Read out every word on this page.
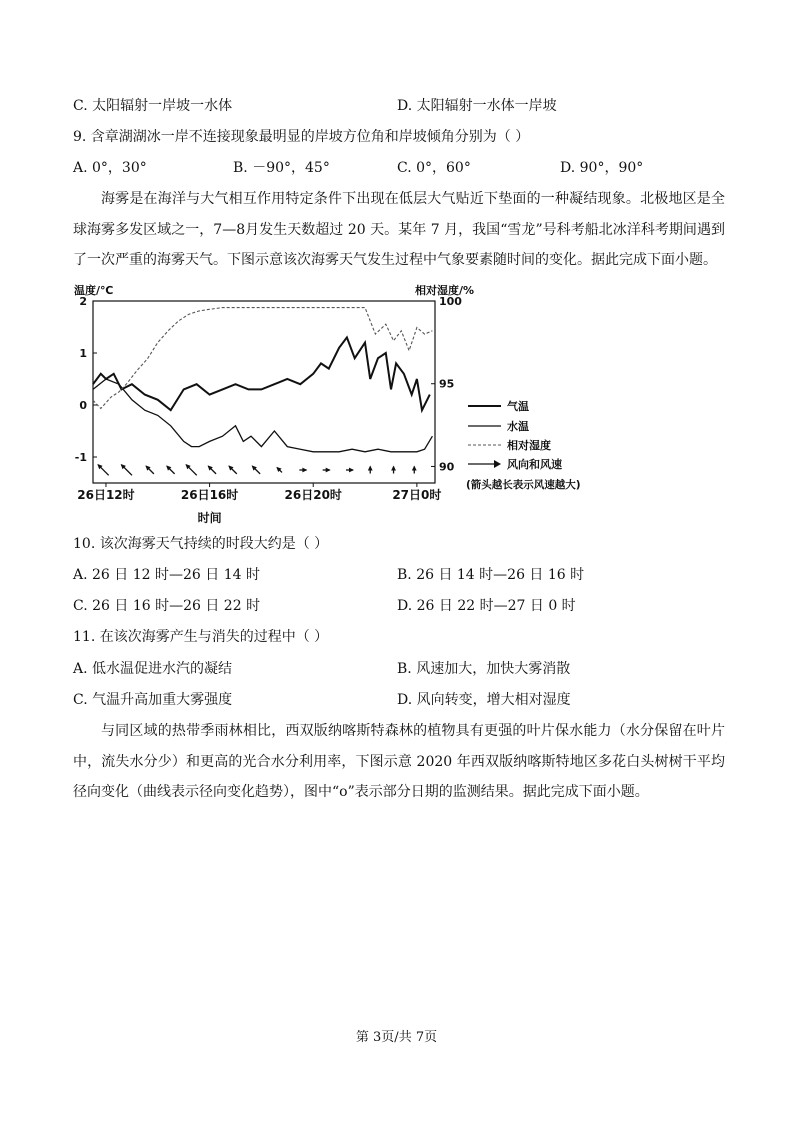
C. 太阳辐射一岸坡一水体	D. 太阳辐射一水体一岸坡
9. 含章湖湖冰一岸不连接现象最明显的岸坡方位角和岸坡倾角分别为（ ）
A. 0°，30°	B. －90°，45°	C. 0°，60°	D. 90°，90°
海雾是在海洋与大气相互作用特定条件下出现在低层大气贴近下垫面的一种凝结现象。北极地区是全球海雾多发区域之一，7—8月发生天数超过 20 天。某年 7 月，我国“雪龙”号科考船北冰洋科考期间遇到了一次严重的海雾天气。下图示意该次海雾天气发生过程中气象要素随时间的变化。据此完成下面小题。
2
1
0
-1
100
95
90
26日12时	26日16时	26日20时	27日0时
温度/℃	相对湿度/%
时间
气温
水温
相对湿度
风向和风速
(箭头越长表示风速越大)
10. 该次海雾天气持续的时段大约是（ ）
A. 26 日 12 时—26 日 14 时	B. 26 日 14 时—26 日 16 时
C. 26 日 16 时—26 日 22 时	D. 26 日 22 时—27 日 0 时
11. 在该次海雾产生与消失的过程中（ ）
A. 低水温促进水汽的凝结	B. 风速加大，加快大雾消散
C. 气温升高加重大雾强度	D. 风向转变，增大相对湿度
与同区域的热带季雨林相比，西双版纳喀斯特森林的植物具有更强的叶片保水能力（水分保留在叶片中，流失水分少）和更高的光合水分利用率，下图示意 2020 年西双版纳喀斯特地区多花白头树树干平均径向变化（曲线表示径向变化趋势），图中“o”表示部分日期的监测结果。据此完成下面小题。
第 3页/共 7页
